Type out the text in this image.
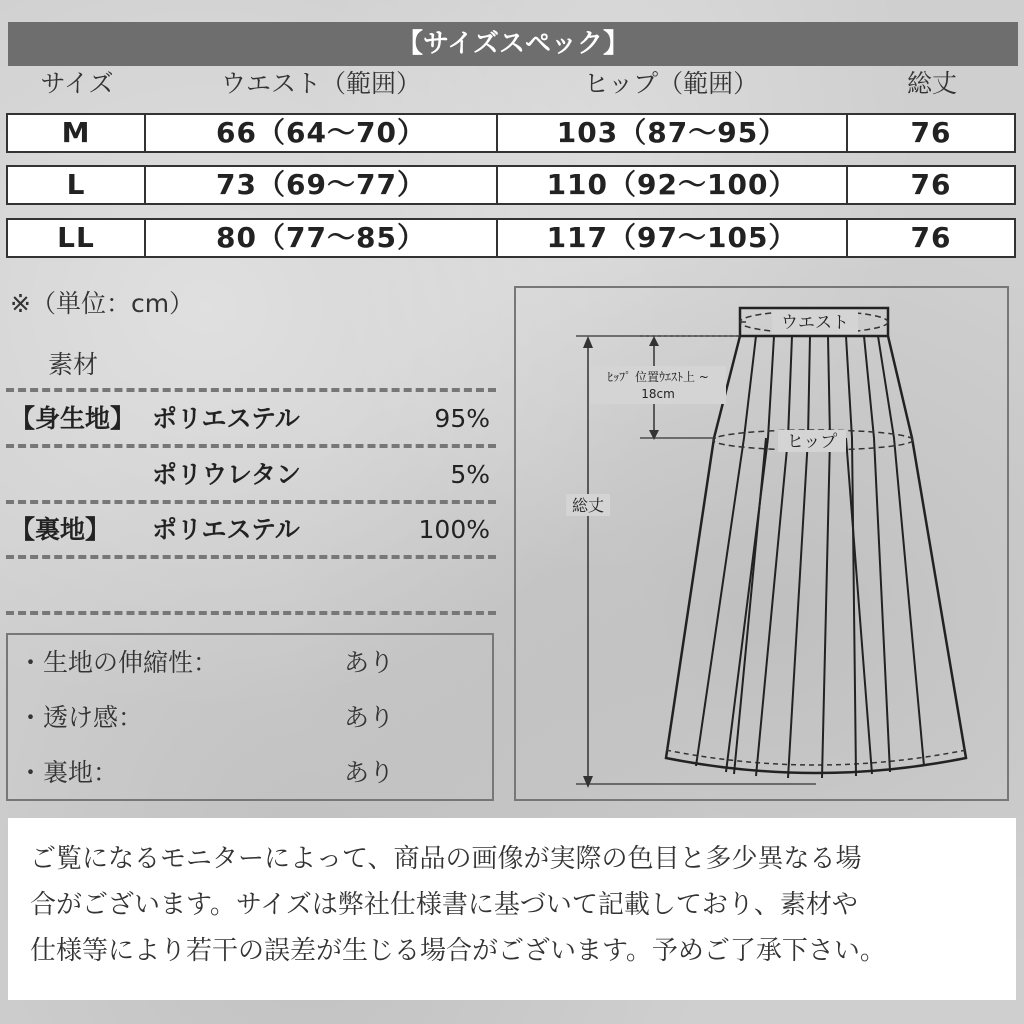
【サイズスペック】
サイズ	ウエスト（範囲）	ヒップ（範囲）	総丈
M	66（64〜70）	103（87〜95）	76
L	73（69〜77）	110（92〜100）	76
LL	80（77〜85）	117（97〜105）	76
※（単位：cm）
素材
【身生地】 ポリエステル	95%
ポリウレタン	5%
【裏地】 ポリエステル	100%
・生地の伸縮性：	あり
・透け感：	あり
・裏地：	あり
ウエスト
ヒップ
ﾋｯﾌﾟ 位置ｳｴｽﾄ上 ~
18cm
総丈
ご覧になるモニターによって、商品の画像が実際の色目と多少異なる場
合がございます。サイズは弊社仕様書に基づいて記載しており、素材や
仕様等により若干の誤差が生じる場合がございます。予めご了承下さい。
